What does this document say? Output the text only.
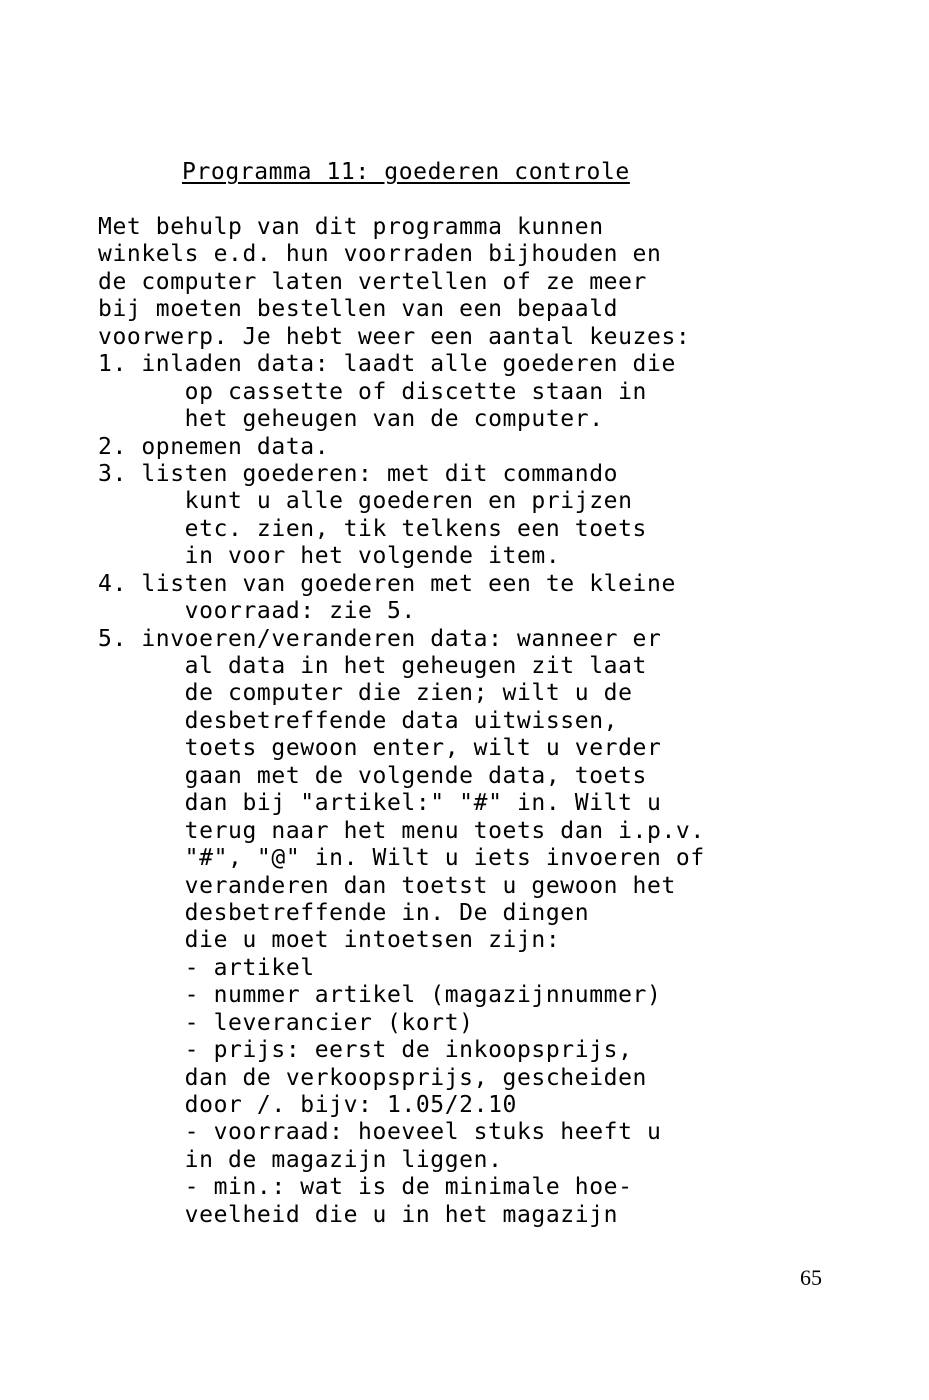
Programma 11: goederen controle
Met behulp van dit programma kunnen
winkels e.d. hun voorraden bijhouden en
de computer laten vertellen of ze meer
bij moeten bestellen van een bepaald
voorwerp. Je hebt weer een aantal keuzes:
1. inladen data: laadt alle goederen die
op cassette of discette staan in
het geheugen van de computer.
2. opnemen data.
3. listen goederen: met dit commando
kunt u alle goederen en prijzen
etc. zien, tik telkens een toets
in voor het volgende item.
4. listen van goederen met een te kleine
voorraad: zie 5.
5. invoeren/veranderen data: wanneer er
al data in het geheugen zit laat
de computer die zien; wilt u de
desbetreffende data uitwissen,
toets gewoon enter, wilt u verder
gaan met de volgende data, toets
dan bij "artikel:" "#" in. Wilt u
terug naar het menu toets dan i.p.v.
"#", "@" in. Wilt u iets invoeren of
veranderen dan toetst u gewoon het
desbetreffende in. De dingen
die u moet intoetsen zijn:
- artikel
- nummer artikel (magazijnnummer)
- leverancier (kort)
- prijs: eerst de inkoopsprijs,
dan de verkoopsprijs, gescheiden
door /. bijv: 1.05/2.10
- voorraad: hoeveel stuks heeft u
in de magazijn liggen.
- min.: wat is de minimale hoe-
veelheid die u in het magazijn
65
